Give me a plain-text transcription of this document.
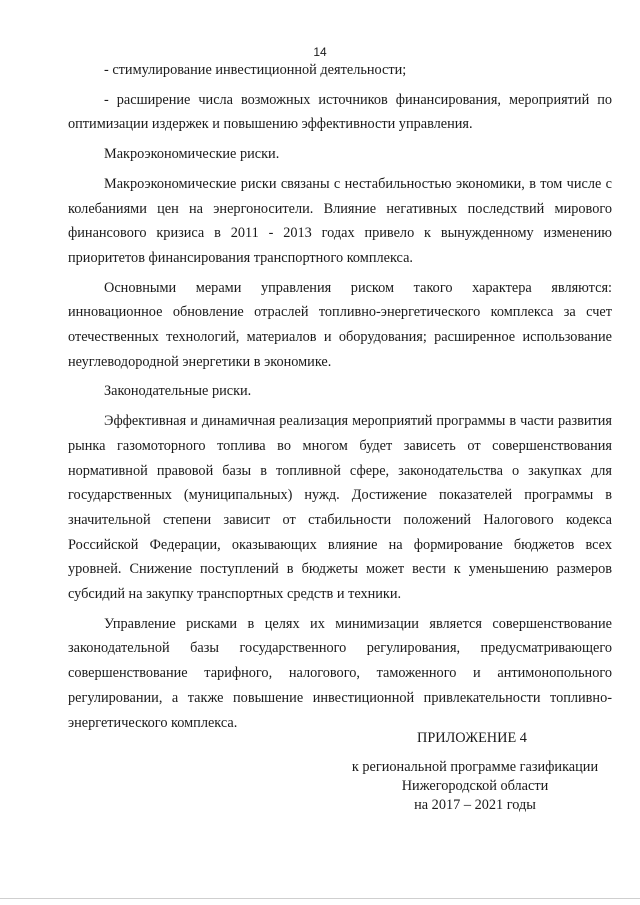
14

- стимулирование инвестиционной деятельности;

- расширение числа возможных источников финансирования, мероприятий по оптимизации издержек и повышению эффективности управления.

Макроэкономические риски.

Макроэкономические риски связаны с нестабильностью экономики, в том числе с колебаниями цен на энергоносители. Влияние негативных последствий мирового финансового кризиса в 2011 - 2013 годах привело к вынужденному изменению приоритетов финансирования транспортного комплекса.

Основными мерами управления риском такого характера являются: инновационное обновление отраслей топливно-энергетического комплекса за счет отечественных технологий, материалов и оборудования; расширенное использование неуглеводородной энергетики в экономике.

Законодательные риски.

Эффективная и динамичная реализация мероприятий программы в части развития рынка газомоторного топлива во многом будет зависеть от совершенствования нормативной правовой базы в топливной сфере, законодательства о закупках для государственных (муниципальных) нужд. Достижение показателей программы в значительной степени зависит от стабильности положений Налогового кодекса Российской Федерации, оказывающих влияние на формирование бюджетов всех уровней. Снижение поступлений в бюджеты может вести к уменьшению размеров субсидий на закупку транспортных средств и техники.

Управление рисками в целях их минимизации является совершенствование законодательной базы государственного регулирования, предусматривающего совершенствование тарифного, налогового, таможенного и антимонопольного регулировании, а также повышение инвестиционной привлекательности топливно-энергетического комплекса.

ПРИЛОЖЕНИЕ 4
к региональной программе газификации
Нижегородской области
на 2017 – 2021 годы
